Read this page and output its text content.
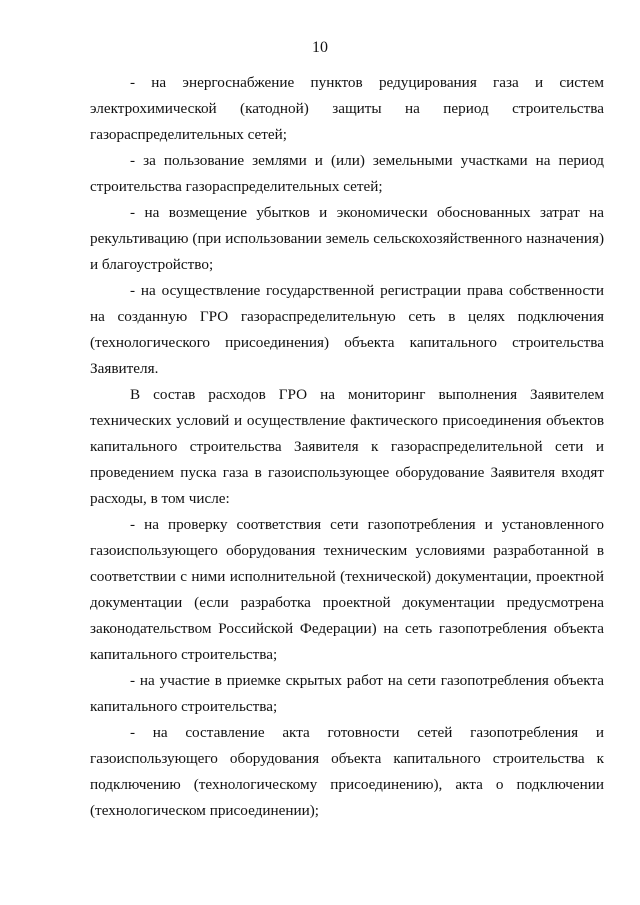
10

- на энергоснабжение пунктов редуцирования газа и систем электрохимической (катодной) защиты на период строительства газораспределительных сетей;

- за пользование землями и (или) земельными участками на период строительства газораспределительных сетей;

- на возмещение убытков и экономически обоснованных затрат на рекультивацию (при использовании земель сельскохозяйственного назначения) и благоустройство;

- на осуществление государственной регистрации права собственности на созданную ГРО газораспределительную сеть в целях подключения (технологического присоединения) объекта капитального строительства Заявителя.

В состав расходов ГРО на мониторинг выполнения Заявителем технических условий и осуществление фактического присоединения объектов капитального строительства Заявителя к газораспределительной сети и проведением пуска газа в газоиспользующее оборудование Заявителя входят расходы, в том числе:

- на проверку соответствия сети газопотребления и установленного газоиспользующего оборудования техническим условиями разработанной в соответствии с ними исполнительной (технической) документации, проектной документации (если разработка проектной документации предусмотрена законодательством Российской Федерации) на сеть газопотребления объекта капитального строительства;

- на участие в приемке скрытых работ на сети газопотребления объекта капитального строительства;

- на составление акта готовности сетей газопотребления и газоиспользующего оборудования объекта капитального строительства к подключению (технологическому присоединению), акта о подключении (технологическом присоединении);
